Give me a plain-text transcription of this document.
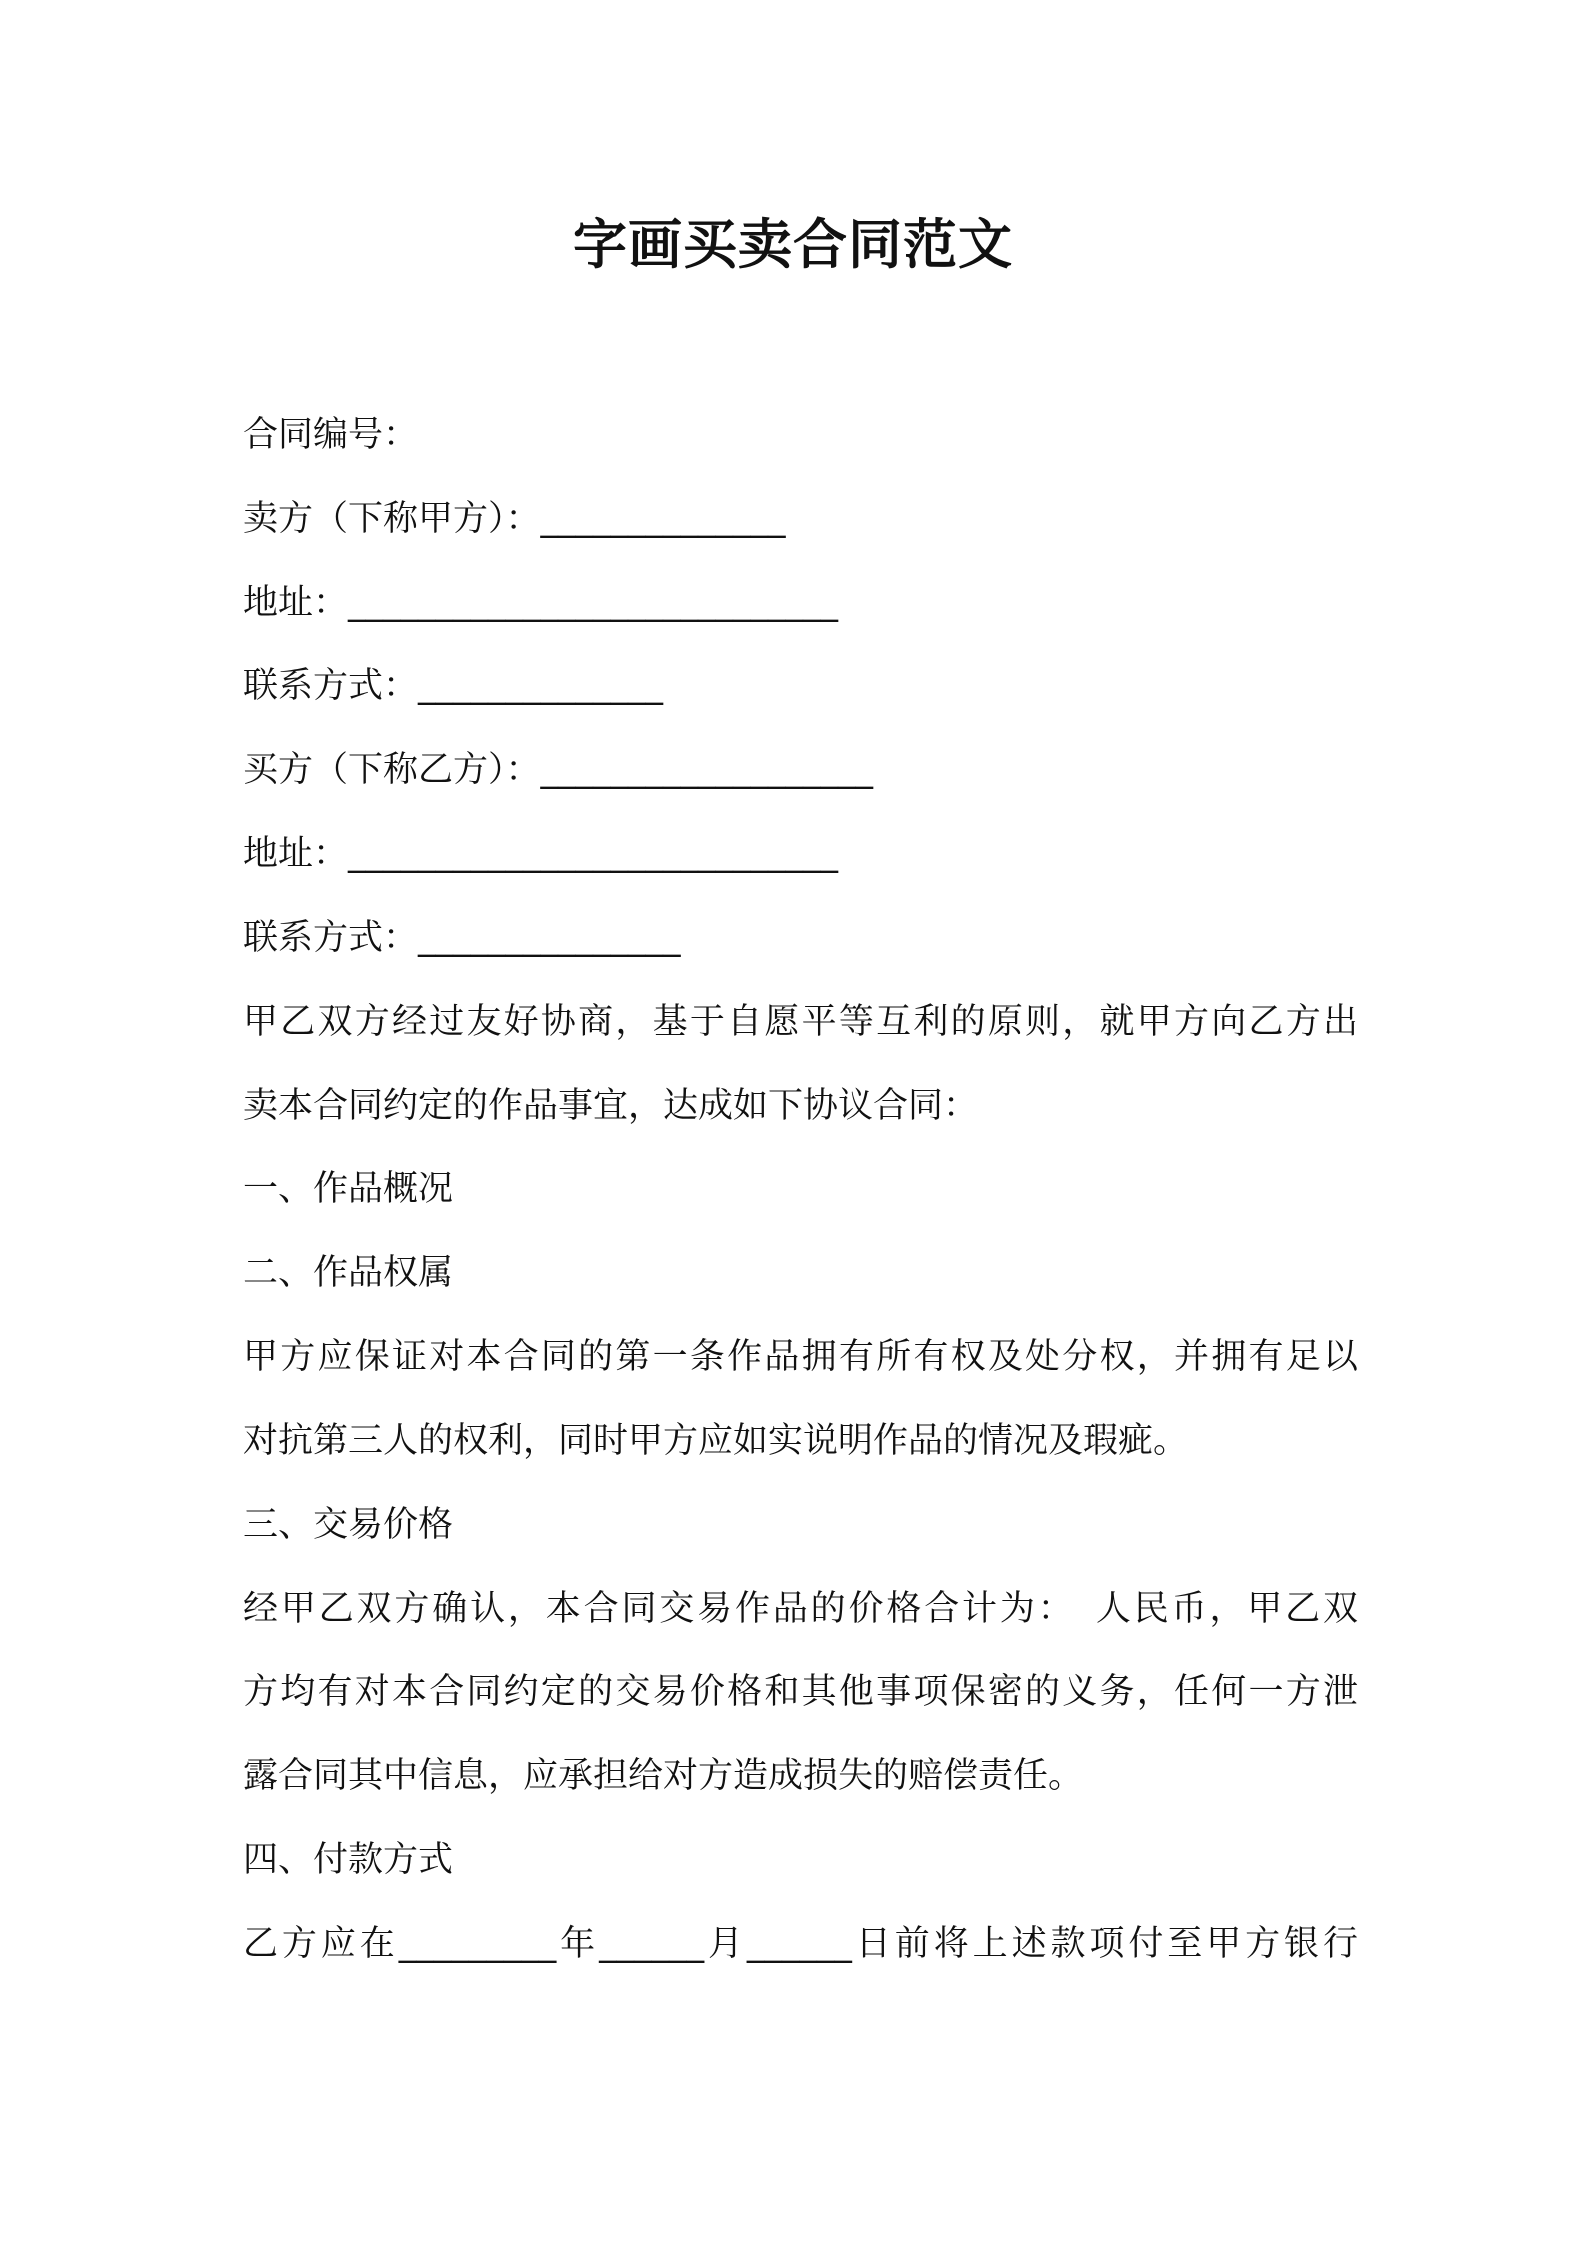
字画买卖合同范文
合同编号：
卖方（下称甲方）：______________
地址：____________________________
联系方式：______________
买方（下称乙方）：___________________
地址：____________________________
联系方式：_______________
甲乙双方经过友好协商，基于自愿平等互利的原则，就甲方向乙方出
卖本合同约定的作品事宜，达成如下协议合同：
一、作品概况
二、作品权属
甲方应保证对本合同的第一条作品拥有所有权及处分权，并拥有足以
对抗第三人的权利，同时甲方应如实说明作品的情况及瑕疵。
三、交易价格
经甲乙双方确认，本合同交易作品的价格合计为：　人民币，甲乙双
方均有对本合同约定的交易价格和其他事项保密的义务，任何一方泄
露合同其中信息，应承担给对方造成损失的赔偿责任。
四、付款方式
乙方应在_________年______月______日前将上述款项付至甲方银行
